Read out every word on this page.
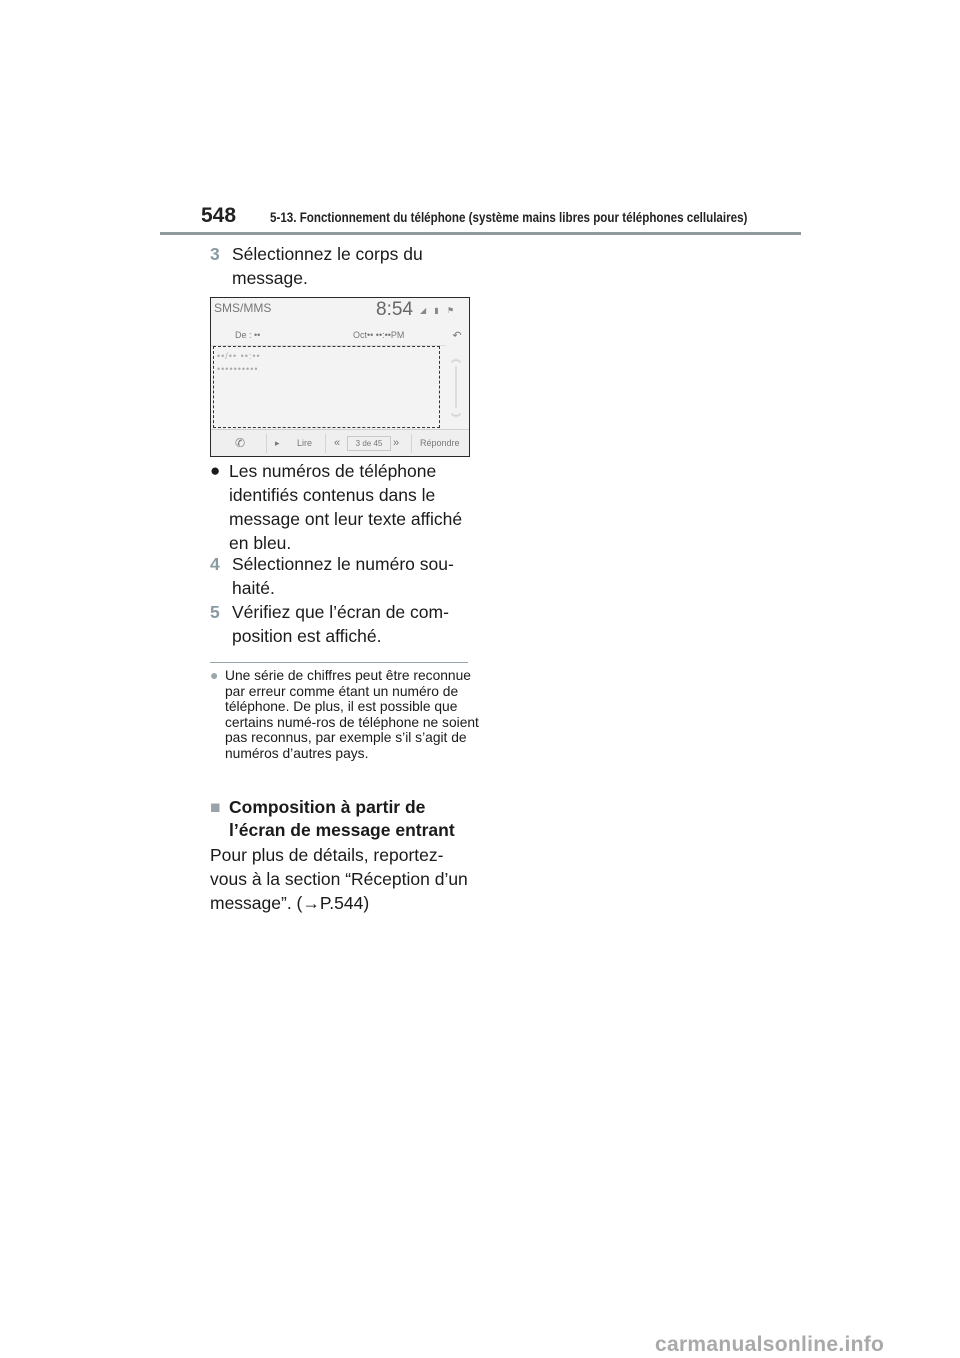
548	5-13. Fonctionnement du téléphone (système mains libres pour téléphones cellulaires)
3 Sélectionnez le corps du message.
SMS/MMS	8:54
▪ ◢ ▮ ⚑
De : ••	Oct•• ••:••PM	↶
••/•• ••:••
••••••••••
︽
︾
✆	▸ Lire «	3 de 45 » Répondre
● Les numéros de téléphone identifiés contenus dans le message ont leur texte affiché en bleu.
4 Sélectionnez le numéro sou-haité.
5 Vérifiez que l’écran de com-position est affiché.
● Une série de chiffres peut être reconnue par erreur comme étant un numéro de téléphone. De plus, il est possible que certains numé-ros de téléphone ne soient pas reconnus, par exemple s’il s’agit de numéros d’autres pays.
■ Composition à partir de l’écran de message entrant
Pour plus de détails, reportez-vous à la section “Réception d’un message”. (→P.544)
carmanualsonline.info
